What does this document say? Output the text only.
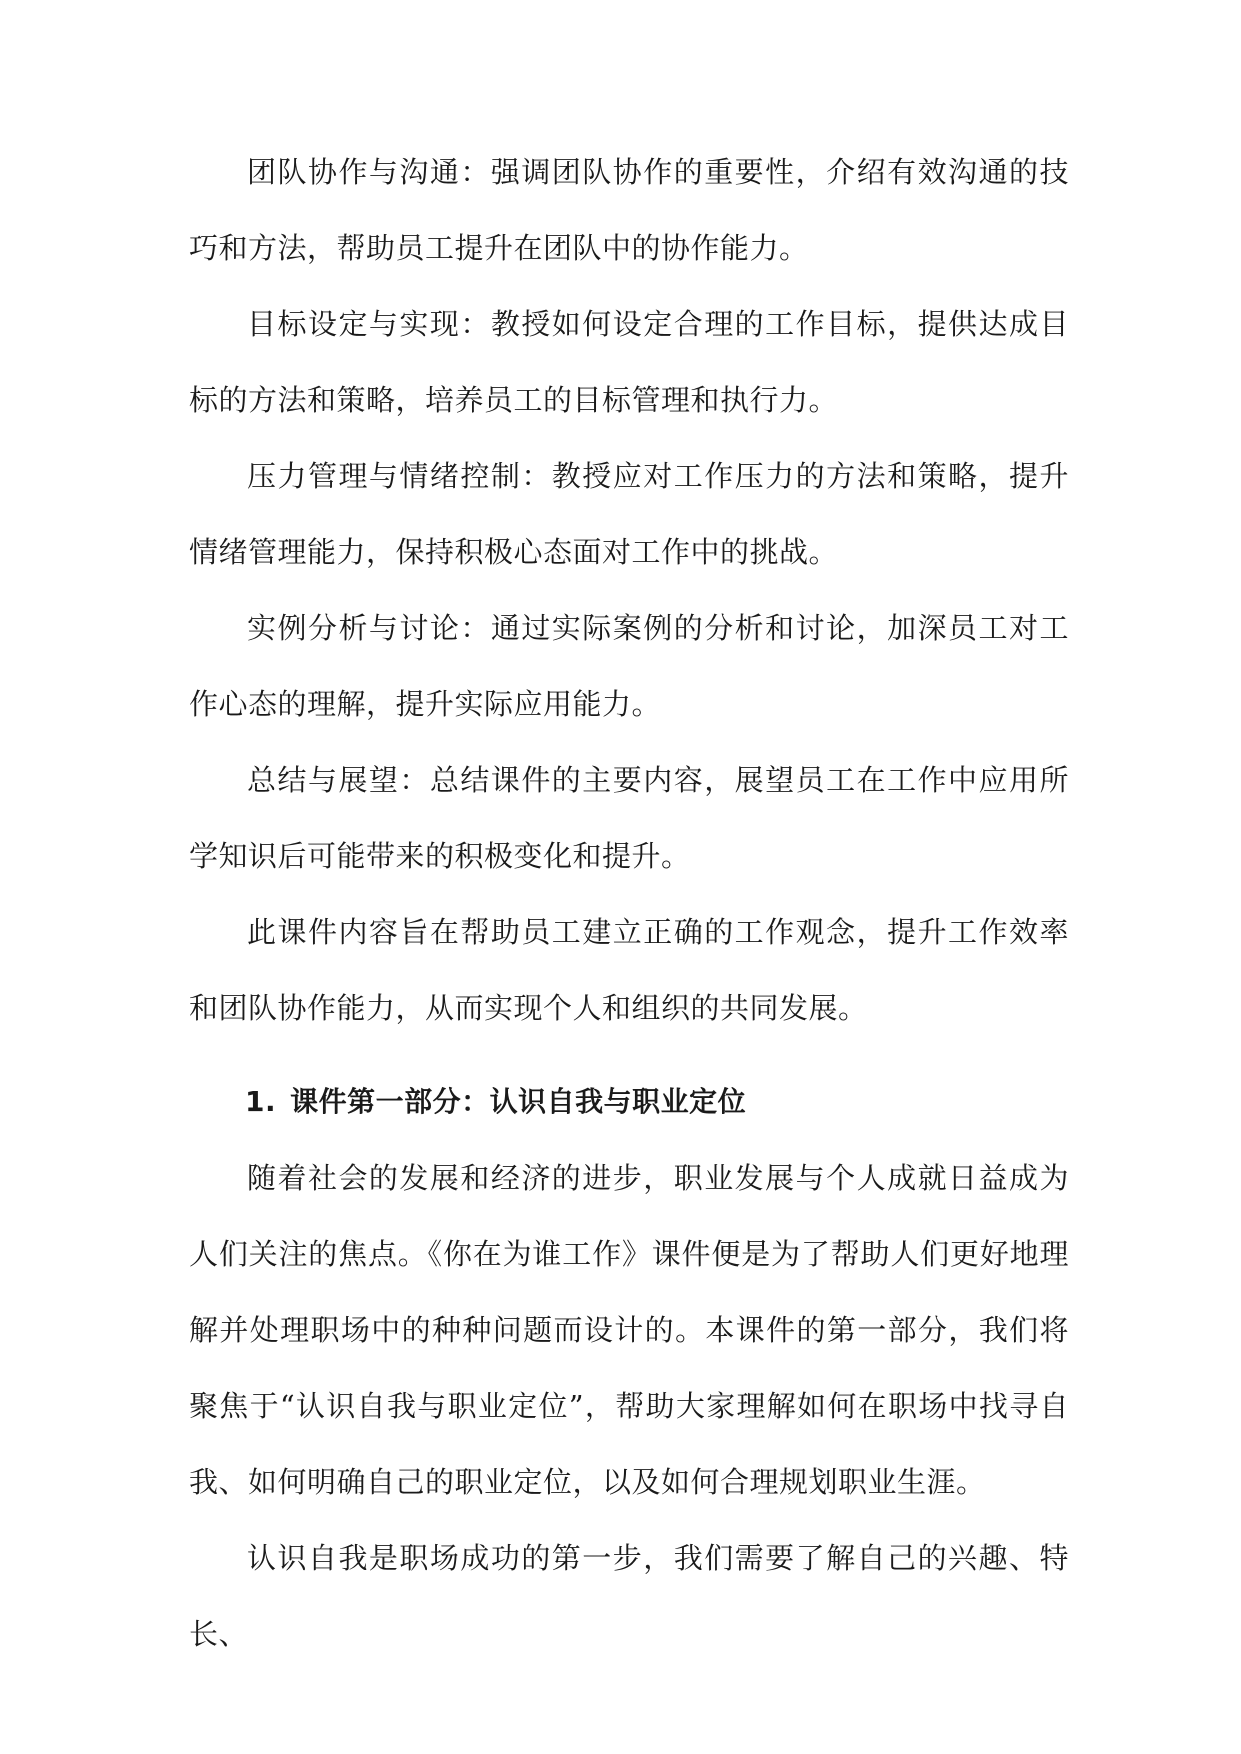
团队协作与沟通：强调团队协作的重要性，介绍有效沟通的技巧和方法，帮助员工提升在团队中的协作能力。

目标设定与实现：教授如何设定合理的工作目标，提供达成目标的方法和策略，培养员工的目标管理和执行力。

压力管理与情绪控制：教授应对工作压力的方法和策略，提升情绪管理能力，保持积极心态面对工作中的挑战。

实例分析与讨论：通过实际案例的分析和讨论，加深员工对工作心态的理解，提升实际应用能力。

总结与展望：总结课件的主要内容，展望员工在工作中应用所学知识后可能带来的积极变化和提升。

此课件内容旨在帮助员工建立正确的工作观念，提升工作效率和团队协作能力，从而实现个人和组织的共同发展。

1. 课件第一部分：认识自我与职业定位

随着社会的发展和经济的进步，职业发展与个人成就日益成为人们关注的焦点。《你在为谁工作》课件便是为了帮助人们更好地理解并处理职场中的种种问题而设计的。本课件的第一部分，我们将聚焦于“认识自我与职业定位”，帮助大家理解如何在职场中找寻自我、如何明确自己的职业定位，以及如何合理规划职业生涯。

认识自我是职场成功的第一步，我们需要了解自己的兴趣、特长、
